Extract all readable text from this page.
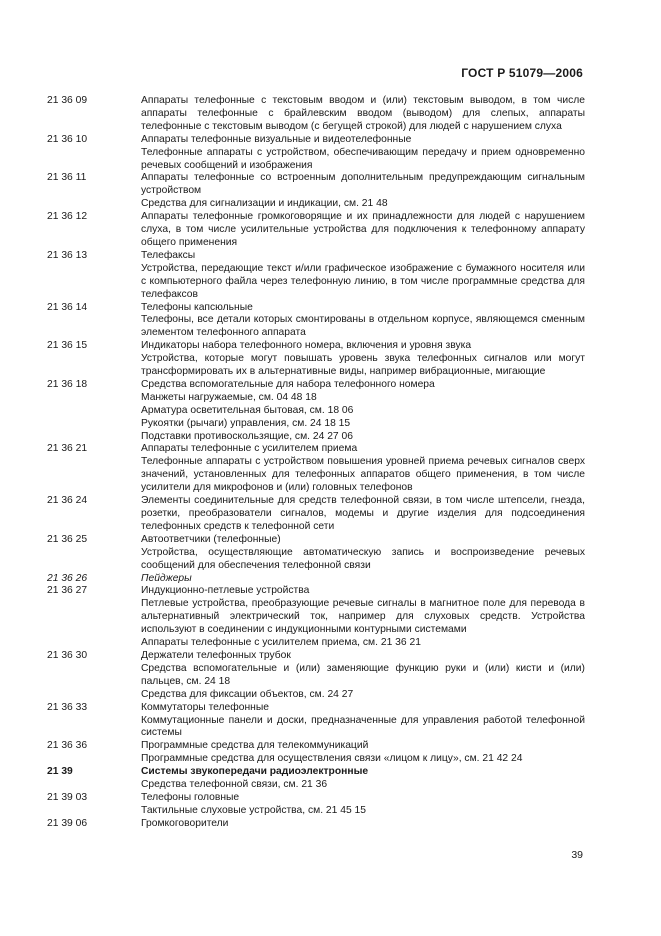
ГОСТ Р 51079—2006
21 36 09	Аппараты телефонные с текстовым вводом и (или) текстовым выводом, в том числе аппараты телефонные с брайлевским вводом (выводом) для слепых, аппараты телефонные с текстовым выводом (с бегущей строкой) для людей с нарушением слуха

21 36 10	Аппараты телефонные визуальные и видеотелефонные

Телефонные аппараты с устройством, обеспечивающим передачу и прием одновременно речевых сообщений и изображения

21 36 11	Аппараты телефонные со встроенным дополнительным предупреждающим сигнальным устройством

Средства для сигнализации и индикации, см. 21 48

21 36 12	Аппараты телефонные громкоговорящие и их принадлежности для людей с нарушением слуха, в том числе усилительные устройства для подключения к телефонному аппарату общего применения

21 36 13	Телефаксы

Устройства, передающие текст и/или графическое изображение с бумажного носителя или с компьютерного файла через телефонную линию, в том числе программные средства для телефаксов

21 36 14	Телефоны капсюльные

Телефоны, все детали которых смонтированы в отдельном корпусе, являющемся сменным элементом телефонного аппарата

21 36 15	Индикаторы набора телефонного номера, включения и уровня звука

Устройства, которые могут повышать уровень звука телефонных сигналов или могут трансформировать их в альтернативные виды, например вибрационные, мигающие

21 36 18	Средства вспомогательные для набора телефонного номера

Манжеты нагружаемые, см. 04 48 18

Арматура осветительная бытовая, см. 18 06

Рукоятки (рычаги) управления, см. 24 18 15

Подставки противоскользящие, см. 24 27 06

21 36 21	Аппараты телефонные с усилителем приема

Телефонные аппараты с устройством повышения уровней приема речевых сигналов сверх значений, установленных для телефонных аппаратов общего применения, в том числе усилители для микрофонов и (или) головных телефонов

21 36 24	Элементы соединительные для средств телефонной связи, в том числе штепсели, гнезда, розетки, преобразователи сигналов, модемы и другие изделия для подсоединения телефонных средств к телефонной сети

21 36 25	Автоответчики (телефонные)

Устройства, осуществляющие автоматическую запись и воспроизведение речевых сообщений для обеспечения телефонной связи

21 36 26	Пейджеры

21 36 27	Индукционно-петлевые устройства

Петлевые устройства, преобразующие речевые сигналы в магнитное поле для перевода в альтернативный электрический ток, например для слуховых средств. Устройства используют в соединении с индукционными контурными системами

Аппараты телефонные с усилителем приема, см. 21 36 21

21 36 30	Держатели телефонных трубок

Средства вспомогательные и (или) заменяющие функцию руки и (или) кисти и (или) пальцев, см. 24 18

Средства для фиксации объектов, см. 24 27

21 36 33	Коммутаторы телефонные

Коммутационные панели и доски, предназначенные для управления работой телефонной системы

21 36 36	Программные средства для телекоммуникаций

Программные средства для осуществления связи «лицом к лицу», см. 21 42 24

21 39	Системы звукопередачи радиоэлектронные

Средства телефонной связи, см. 21 36

21 39 03	Телефоны головные

Тактильные слуховые устройства, см. 21 45 15

21 39 06	Громкоговорители

39
